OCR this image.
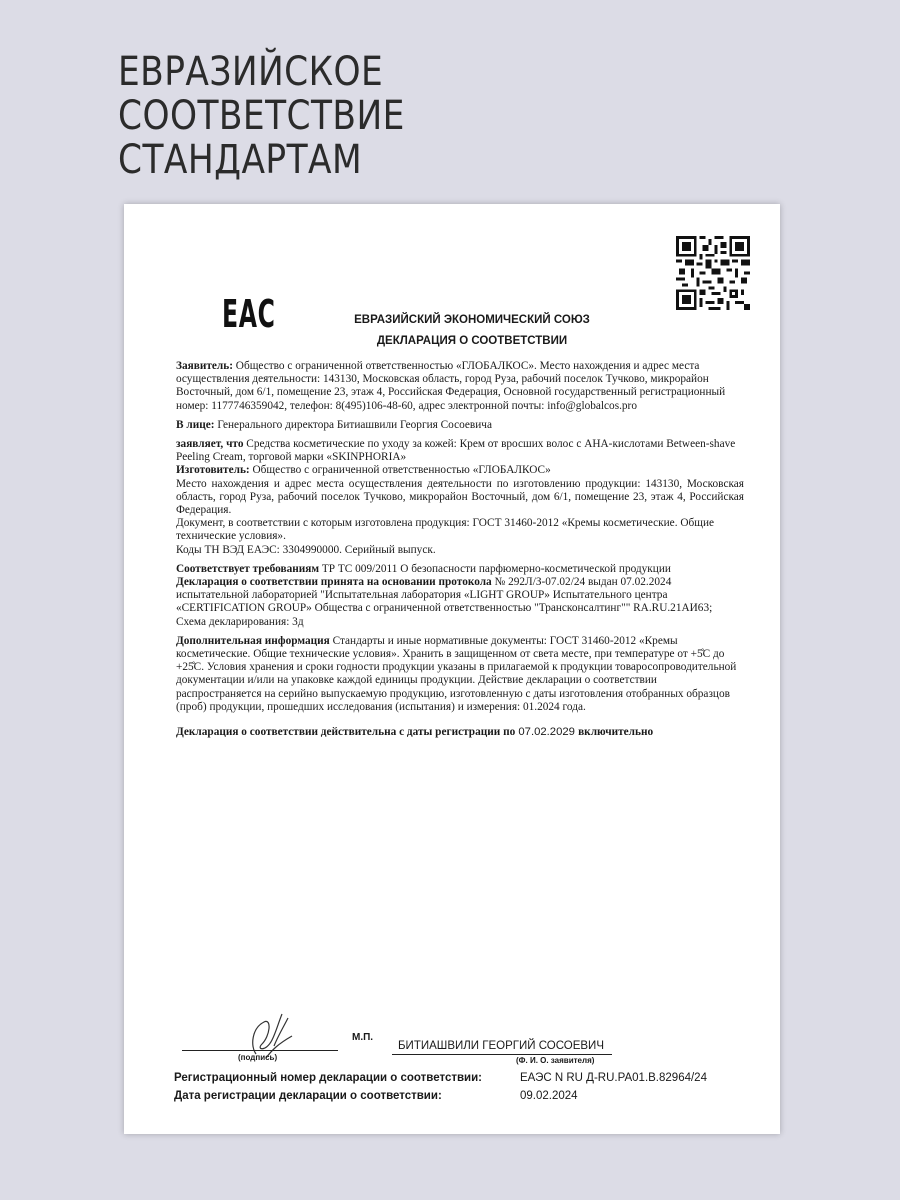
ЕВРАЗИЙСКОЕ
СООТВЕТСТВИЕ
СТАНДАРТАМ
EAC	ЕВРАЗИЙСКИЙ ЭКОНОМИЧЕСКИЙ СОЮЗ
ДЕКЛАРАЦИЯ О СООТВЕТСТВИИ

Заявитель: Общество с ограниченной ответственностью «ГЛОБАЛКОС». Место нахождения и адрес места осуществления деятельности: 143130, Московская область, город Руза, рабочий поселок Тучково, микрорайон Восточный, дом 6/1, помещение 23, этаж 4, Российская Федерация, Основной государственный регистрационный номер: 1177746359042, телефон: 8(495)106-48-60, адрес электронной почты: info@globalcos.pro

В лице: Генерального директора Битиашвили Георгия Сосоевича

заявляет, что Средства косметические по уходу за кожей: Крем от вросших волос с АНА-кислотами Between-shave Peeling Cream, торговой марки «SKINPHORIA»

Изготовитель: Общество с ограниченной ответственностью «ГЛОБАЛКОС»

Место нахождения и адрес места осуществления деятельности по изготовлению продукции: 143130, Московская область, город Руза, рабочий поселок Тучково, микрорайон Восточный, дом 6/1, помещение 23, этаж 4, Российская Федерация.

Документ, в соответствии с которым изготовлена продукция: ГОСТ 31460-2012 «Кремы косметические. Общие технические условия».

Коды ТН ВЭД ЕАЭС: 3304990000. Серийный выпуск.

Соответствует требованиям ТР ТС 009/2011 О безопасности парфюмерно-косметической продукции

Декларация о соответствии принята на основании протокола № 292Л/З-07.02/24 выдан 07.02.2024 испытательной лабораторией "Испытательная лаборатория «LIGHT GROUP» Испытательного центра «CERTIFICATION GROUP» Общества с ограниченной ответственностью "Трансконсалтинг"" RA.RU.21АИ63; Схема декларирования: 3д

Дополнительная информация Стандарты и иные нормативные документы: ГОСТ 31460-2012 «Кремы косметические. Общие технические условия». Хранить в защищенном от света месте, при температуре от +5̊С до +25̊С. Условия хранения и сроки годности продукции указаны в прилагаемой к продукции товаросопроводительной документации и/или на упаковке каждой единицы продукции. Действие декларации о соответствии распространяется на серийно выпускаемую продукцию, изготовленную с даты изготовления отобранных образцов (проб) продукции, прошедших исследования (испытания) и измерения: 01.2024 года.

Декларация о соответствии действительна с даты регистрации по 07.02.2029 включительно

(подпись)
М.П.
БИТИАШВИЛИ ГЕОРГИЙ СОСОЕВИЧ
(Ф. И. О. заявителя)
Регистрационный номер декларации о соответствии:	ЕАЭС N RU Д-RU.РА01.В.82964/24
Дата регистрации декларации о соответствии:	09.02.2024
